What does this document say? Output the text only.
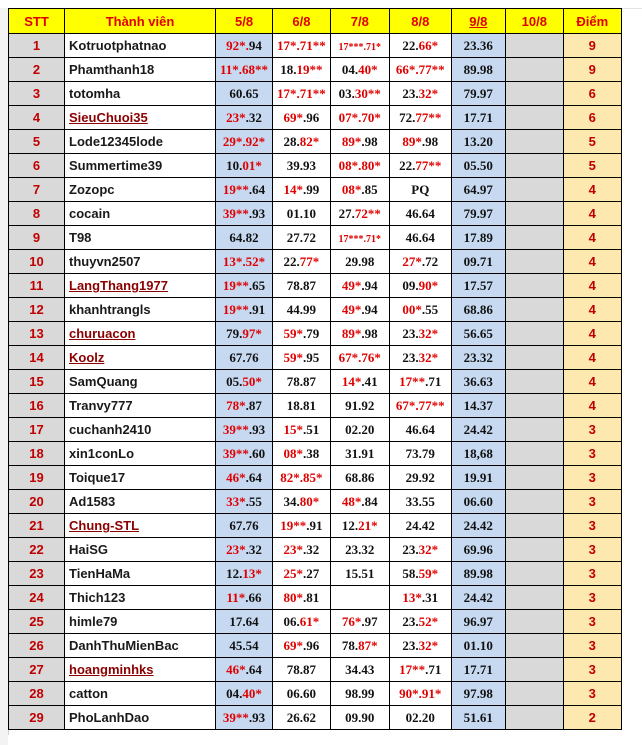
STT	Thành viên	5/8	6/8	7/8	8/8	9/8	10/8	Điểm
1	Kotruotphatnao	92*.94	17*.71**	17***.71*	22.66*	23.36		9
2	Phamthanh18	11*.68**	18.19**	04.40*	66*.77**	89.98		9
3	totomha	60.65	17*.71**	03.30**	23.32*	79.97		6
4	SieuChuoi35	23*.32	69*.96	07*.70*	72.77**	17.71		6
5	Lode12345lode	29*.92*	28.82*	89*.98	89*.98	13.20		5
6	Summertime39	10.01*	39.93	08*.80*	22.77**	05.50		5
7	Zozopc	19**.64	14*.99	08*.85	PQ	64.97		4
8	cocain	39**.93	01.10	27.72**	46.64	79.97		4
9	T98	64.82	27.72	17***.71*	46.64	17.89		4
10	thuyvn2507	13*.52*	22.77*	29.98	27*.72	09.71		4
11	LangThang1977	19**.65	78.87	49*.94	09.90*	17.57		4
12	khanhtrangls	19**.91	44.99	49*.94	00*.55	68.86		4
13	churuacon	79.97*	59*.79	89*.98	23.32*	56.65		4
14	Koolz	67.76	59*.95	67*.76*	23.32*	23.32		4
15	SamQuang	05.50*	78.87	14*.41	17**.71	36.63		4
16	Tranvy777	78*.87	18.81	91.92	67*.77**	14.37		4
17	cuchanh2410	39**.93	15*.51	02.20	46.64	24.42		3
18	xin1conLo	39**.60	08*.38	31.91	73.79	18,68		3
19	Toique17	46*.64	82*.85*	68.86	29.92	19.91		3
20	Ad1583	33*.55	34.80*	48*.84	33.55	06.60		3
21	Chung-STL	67.76	19**.91	12.21*	24.42	24.42		3
22	HaiSG	23*.32	23*.32	23.32	23.32*	69.96		3
23	TienHaMa	12.13*	25*.27	15.51	58.59*	89.98		3
24	Thich123	11*.66	80*.81		13*.31	24.42		3
25	himle79	17.64	06.61*	76*.97	23.52*	96.97		3
26	DanhThuMienBac	45.54	69*.96	78.87*	23.32*	01.10		3
27	hoangminhks	46*.64	78.87	34.43	17**.71	17.71		3
28	catton	04.40*	06.60	98.99	90*.91*	97.98		3
29	PhoLanhDao	39**.93	26.62	09.90	02.20	51.61		2
